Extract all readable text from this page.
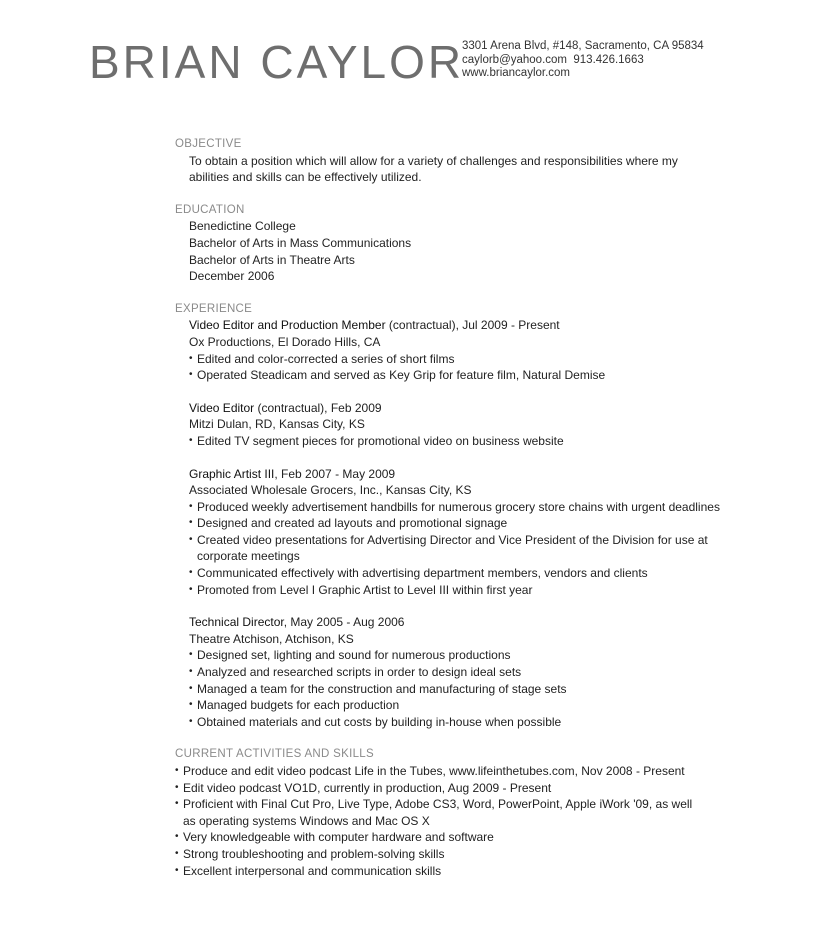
BRIAN CAYLOR
3301 Arena Blvd, #148, Sacramento, CA 95834
caylorb@yahoo.com 913.426.1663
www.briancaylor.com
OBJECTIVE
To obtain a position which will allow for a variety of challenges and responsibilities where my
abilities and skills can be effectively utilized.
EDUCATION
Benedictine College
Bachelor of Arts in Mass Communications
Bachelor of Arts in Theatre Arts
December 2006
EXPERIENCE
Video Editor and Production Member (contractual), Jul 2009 - Present
Ox Productions, El Dorado Hills, CA
• Edited and color-corrected a series of short films
• Operated Steadicam and served as Key Grip for feature film, Natural Demise
Video Editor (contractual), Feb 2009
Mitzi Dulan, RD, Kansas City, KS
• Edited TV segment pieces for promotional video on business website
Graphic Artist III, Feb 2007 - May 2009
Associated Wholesale Grocers, Inc., Kansas City, KS
• Produced weekly advertisement handbills for numerous grocery store chains with urgent deadlines
• Designed and created ad layouts and promotional signage
• Created video presentations for Advertising Director and Vice President of the Division for use at
corporate meetings
• Communicated effectively with advertising department members, vendors and clients
• Promoted from Level I Graphic Artist to Level III within first year
Technical Director, May 2005 - Aug 2006
Theatre Atchison, Atchison, KS
• Designed set, lighting and sound for numerous productions
• Analyzed and researched scripts in order to design ideal sets
• Managed a team for the construction and manufacturing of stage sets
• Managed budgets for each production
• Obtained materials and cut costs by building in-house when possible
CURRENT ACTIVITIES AND SKILLS
• Produce and edit video podcast Life in the Tubes, www.lifeinthetubes.com, Nov 2008 - Present
• Edit video podcast VO1D, currently in production, Aug 2009 - Present
• Proficient with Final Cut Pro, Live Type, Adobe CS3, Word, PowerPoint, Apple iWork '09, as well
as operating systems Windows and Mac OS X
• Very knowledgeable with computer hardware and software
• Strong troubleshooting and problem-solving skills
• Excellent interpersonal and communication skills
